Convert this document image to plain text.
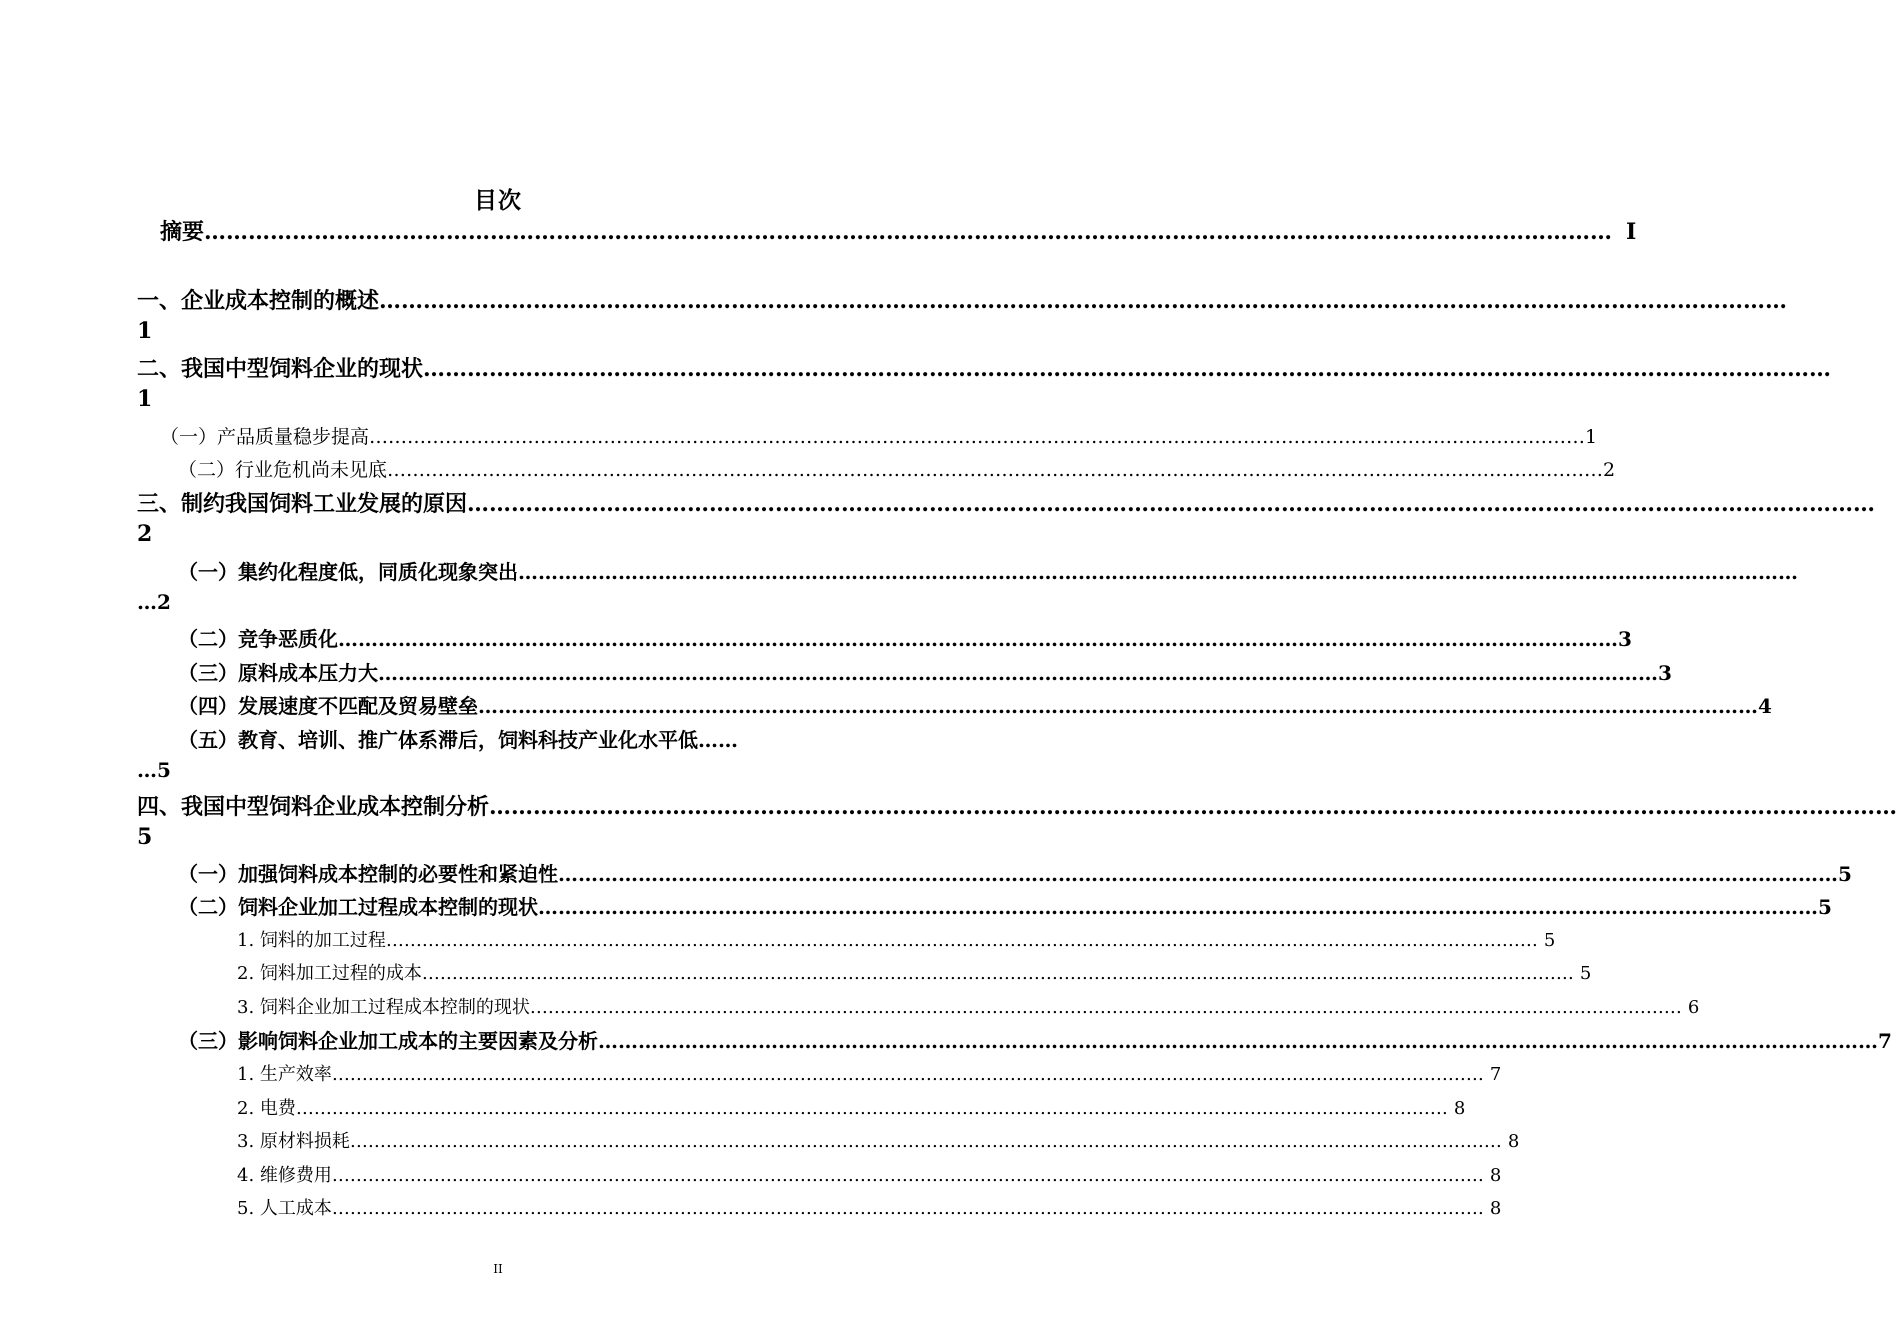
目次
摘要 ………………………………………………………………………………………………………………………………………………………………………… Ⅰ
一、企业成本控制的概述 …………………………………………………………………………………………………………………………………………………………………………
1
二、我国中型饲料企业的现状 …………………………………………………………………………………………………………………………………………………………………………
1
（一）产品质量稳步提高 ………………………………………………………………………………………………………………………………………………………………………… 1
（二）行业危机尚未见底 ………………………………………………………………………………………………………………………………………………………………………… 2
三、制约我国饲料工业发展的原因 …………………………………………………………………………………………………………………………………………………………………………
2
（一）集约化程度低，同质化现象突出 …………………………………………………………………………………………………………………………………………………………………………
…2
（二）竞争恶质化 ………………………………………………………………………………………………………………………………………………………………………… 3
（三）原料成本压力大 ………………………………………………………………………………………………………………………………………………………………………… 3
（四）发展速度不匹配及贸易壁垒 ………………………………………………………………………………………………………………………………………………………………………… 4
（五）教育、培训、推广体系滞后，饲料科技产业化水平低……
…5
四、我国中型饲料企业成本控制分析 …………………………………………………………………………………………………………………………………………………………………………
5
（一）加强饲料成本控制的必要性和紧迫性 ………………………………………………………………………………………………………………………………………………………………………… 5
（二）饲料企业加工过程成本控制的现状 ………………………………………………………………………………………………………………………………………………………………………… 5
1. 饲料的加工过程 ………………………………………………………………………………………………………………………………………………………………………… 5
2. 饲料加工过程的成本 ………………………………………………………………………………………………………………………………………………………………………… 5
3. 饲料企业加工过程成本控制的现状 ………………………………………………………………………………………………………………………………………………………………………… 6
（三）影响饲料企业加工成本的主要因素及分析 ………………………………………………………………………………………………………………………………………………………………………… 7
1. 生产效率 ………………………………………………………………………………………………………………………………………………………………………… 7
2. 电费 ………………………………………………………………………………………………………………………………………………………………………… 8
3. 原材料损耗 ………………………………………………………………………………………………………………………………………………………………………… 8
4. 维修费用 ………………………………………………………………………………………………………………………………………………………………………… 8
5. 人工成本 ………………………………………………………………………………………………………………………………………………………………………… 8
II
